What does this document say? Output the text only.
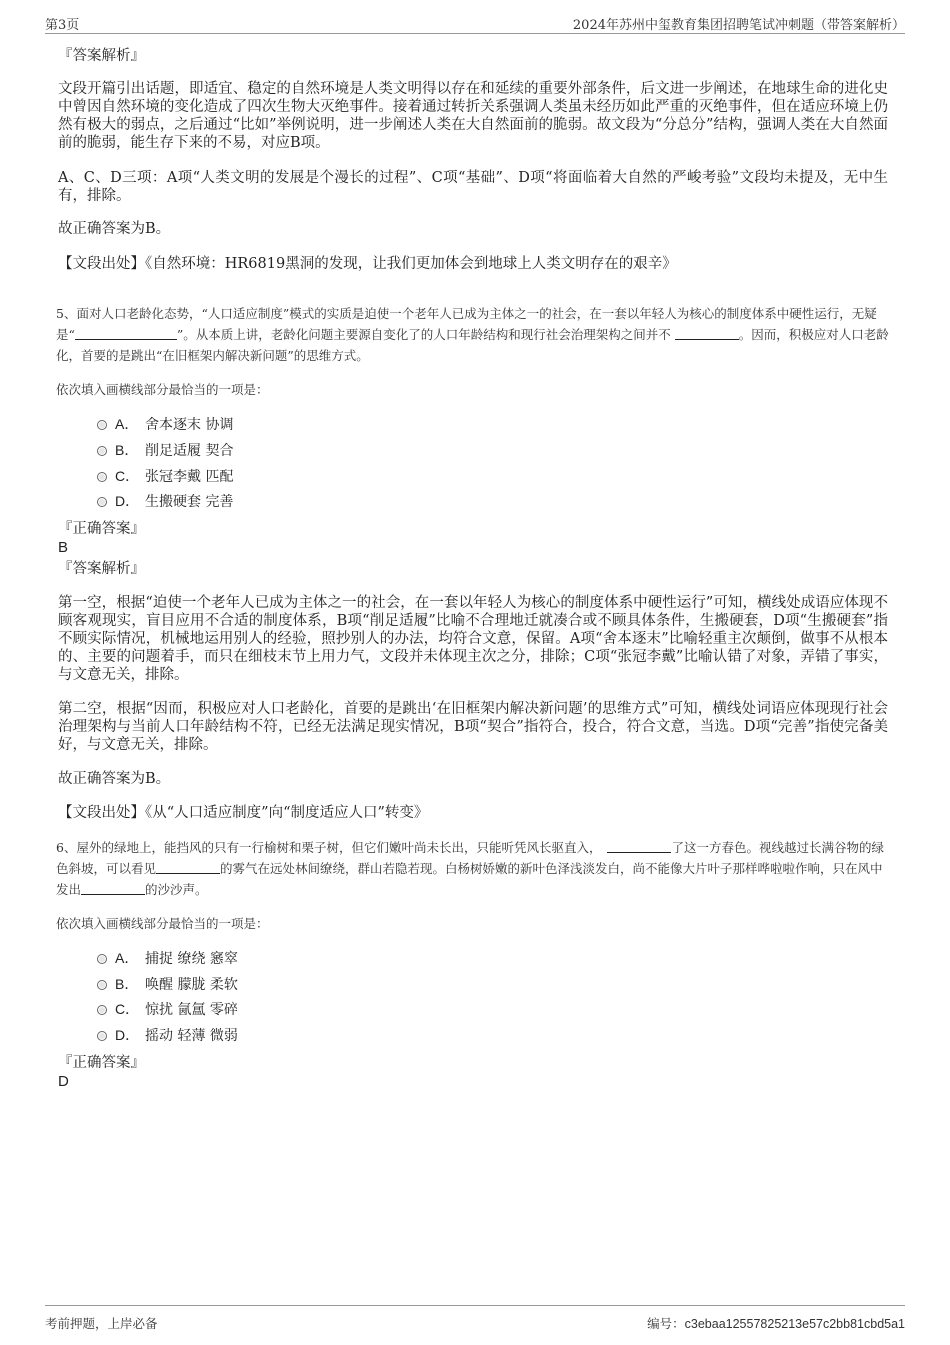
第3页	2024年苏州中玺教育集团招聘笔试冲刺题（带答案解析）
『答案解析』
文段开篇引出话题，即适宜、稳定的自然环境是人类文明得以存在和延续的重要外部条件，后文进一步阐述，在地球生命的进化史中曾因自然环境的变化造成了四次生物大灭绝事件。接着通过转折关系强调人类虽未经历如此严重的灭绝事件，但在适应环境上仍然有极大的弱点，之后通过“比如”举例说明，进一步阐述人类在大自然面前的脆弱。故文段为“分总分”结构，强调人类在大自然面前的脆弱，能生存下来的不易，对应B项。
A、C、D三项：A项“人类文明的发展是个漫长的过程”、C项“基础”、D项“将面临着大自然的严峻考验”文段均未提及，无中生有，排除。
故正确答案为B。
【文段出处】《自然环境：HR6819黑洞的发现，让我们更加体会到地球上人类文明存在的艰辛》
5、面对人口老龄化态势，“人口适应制度”模式的实质是迫使一个老年人已成为主体之一的社会，在一套以年轻人为核心的制度体系中硬性运行，无疑是“	”。从本质上讲，老龄化问题主要源自变化了的人口年龄结构和现行社会治理架构之间并不	。因而，积极应对人口老龄化，首要的是跳出“在旧框架内解决新问题”的思维方式。
依次填入画横线部分最恰当的一项是：
A． 舍本逐末 协调
B． 削足适履 契合
C． 张冠李戴 匹配
D． 生搬硬套 完善
『正确答案』
B
『答案解析』
第一空，根据“迫使一个老年人已成为主体之一的社会，在一套以年轻人为核心的制度体系中硬性运行”可知，横线处成语应体现不顾客观现实，盲目应用不合适的制度体系，B项“削足适履”比喻不合理地迁就凑合或不顾具体条件，生搬硬套，D项“生搬硬套”指不顾实际情况，机械地运用别人的经验，照抄别人的办法，均符合文意，保留。A项“舍本逐末”比喻轻重主次颠倒，做事不从根本的、主要的问题着手，而只在细枝末节上用力气，文段并未体现主次之分，排除；C项“张冠李戴”比喻认错了对象，弄错了事实，与文意无关，排除。
第二空，根据“因而，积极应对人口老龄化，首要的是跳出‘在旧框架内解决新问题’的思维方式”可知，横线处词语应体现现行社会治理架构与当前人口年龄结构不符，已经无法满足现实情况，B项“契合”指符合，投合，符合文意，当选。D项“完善”指使完备美好，与文意无关，排除。
故正确答案为B。
【文段出处】《从“人口适应制度”向“制度适应人口”转变》
6、屋外的绿地上，能挡风的只有一行榆树和栗子树，但它们嫩叶尚未长出，只能听凭风长驱直入，	了这一方春色。视线越过长满谷物的绿色斜坡，可以看见	的雾气在远处林间缭绕，群山若隐若现。白杨树娇嫩的新叶色泽浅淡发白，尚不能像大片叶子那样哗啦啦作响，只在风中发出	的沙沙声。
依次填入画横线部分最恰当的一项是：
A． 捕捉 缭绕 窸窣
B． 唤醒 朦胧 柔软
C． 惊扰 氤氲 零碎
D． 摇动 轻薄 微弱
『正确答案』
D
考前押题，上岸必备	编号：c3ebaa12557825213e57c2bb81cbd5a1
